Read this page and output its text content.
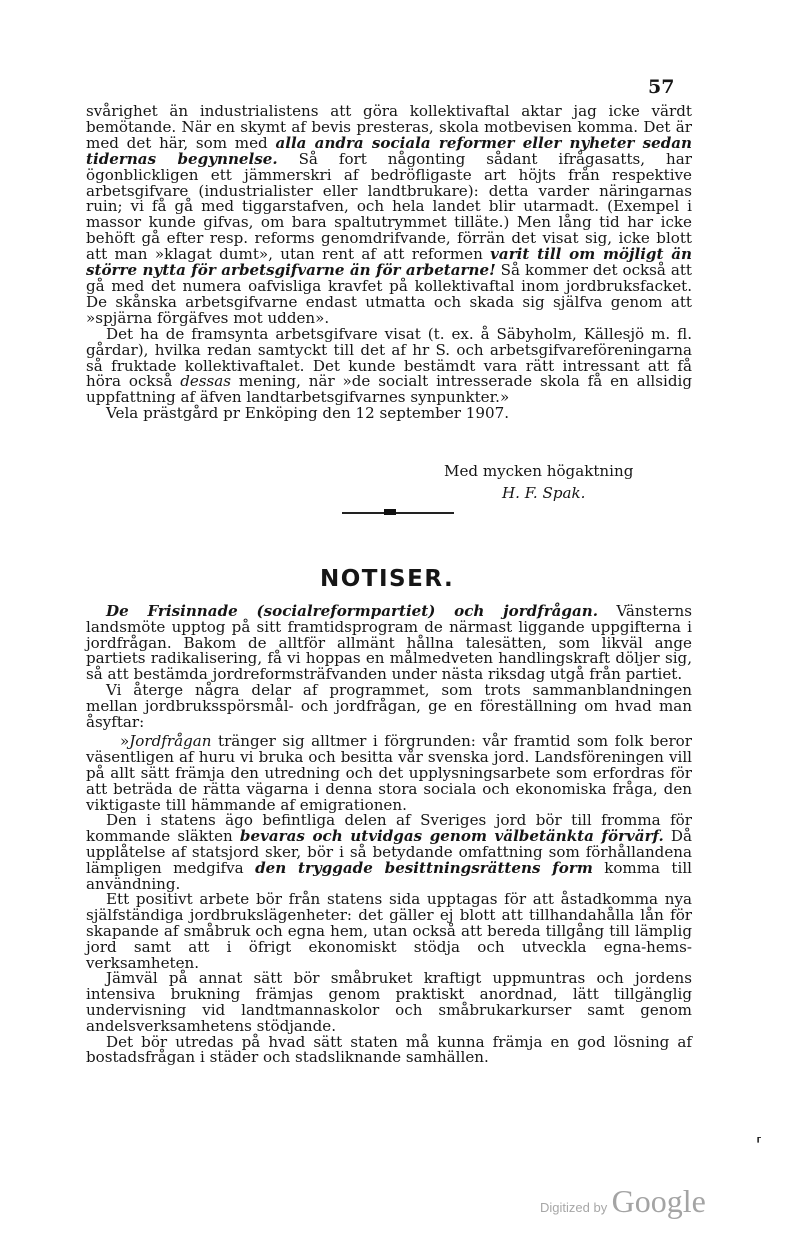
57

svårighet än industrialistens att göra kollektivaftal aktar jag icke värdt bemötande. När en skymt af bevis presteras, skola motbevisen komma. Det är med det här, som med alla andra sociala reformer eller nyheter sedan tidernas begynnelse. Så fort någonting sådant ifrågasatts, har ögonblickligen ett jämmerskri af bedröfligaste art höjts från respektive arbetsgifvare (industrialister eller landtbrukare): detta varder näringarnas ruin; vi få gå med tiggarstafven, och hela landet blir utarmadt. (Exempel i massor kunde gifvas, om bara spaltutrymmet tilläte.) Men lång tid har icke behöft gå efter resp. reforms genomdrifvande, förrän det visat sig, icke blott att man »klagat dumt», utan rent af att reformen varit till om möjligt än större nytta för arbetsgifvarne än för arbetarne! Så kommer det också att gå med det numera oafvisliga kravfet på kollektivaftal inom jordbruksfacket. De skånska arbetsgifvarne endast utmatta och skada sig själfva genom att »spjärna förgäfves mot udden».

Det ha de framsynta arbetsgifvare visat (t. ex. å Säbyholm, Källesjö m. fl. gårdar), hvilka redan samtyckt till det af hr S. och arbetsgifvareföreningarna så fruktade kollektivaftalet. Det kunde bestämdt vara rätt intressant att få höra också dessas mening, när »de socialt intresserade skola få en allsidig uppfattning af äfven landtarbetsgifvarnes synpunkter.»

Vela prästgård pr Enköping den 12 september 1907.

Med mycken högaktning
H. F. Spak.
NOTISER.

De Frisinnade (socialreformpartiet) och jordfrågan. Vänsterns landsmöte upptog på sitt framtidsprogram de närmast liggande uppgifterna i jordfrågan. Bakom de alltför allmänt hållna talesätten, som likväl ange partiets radikalisering, få vi hoppas en målmedveten handlingskraft döljer sig, så att bestämda jordreformsträfvanden under nästa riksdag utgå från partiet.

Vi återge några delar af programmet, som trots sammanblandningen mellan jordbruksspörsmål- och jordfrågan, ge en föreställning om hvad man åsyftar:

»Jordfrågan tränger sig alltmer i förgrunden: vår framtid som folk beror väsentligen af huru vi bruka och besitta vår svenska jord. Landsföreningen vill på allt sätt främja den utredning och det upplysningsarbete som erfordras för att beträda de rätta vägarna i denna stora sociala och ekonomiska fråga, den viktigaste till hämmande af emigrationen.

Den i statens ägo befintliga delen af Sveriges jord bör till fromma för kommande släkten bevaras och utvidgas genom välbetänkta förvärf. Då upplåtelse af statsjord sker, bör i så betydande omfattning som förhållandena lämpligen medgifva den tryggade besittningsrättens form komma till användning.

Ett positivt arbete bör från statens sida upptagas för att åstadkomma nya själfständiga jordbrukslägenheter: det gäller ej blott att tillhandahålla lån för skapande af småbruk och egna hem, utan också att bereda tillgång till lämplig jord samt att i öfrigt ekonomiskt stödja och utveckla egna-hems-verksamheten.

Jämväl på annat sätt bör småbruket kraftigt uppmuntras och jordens intensiva brukning främjas genom praktiskt anordnad, lätt tillgänglig undervisning vid landtmannaskolor och småbrukarkurser samt genom andelsverksamhetens stödjande.

Det bör utredas på hvad sätt staten må kunna främja en god lösning af bostadsfrågan i städer och stadsliknande samhällen.

⸢
Digitized by Google
